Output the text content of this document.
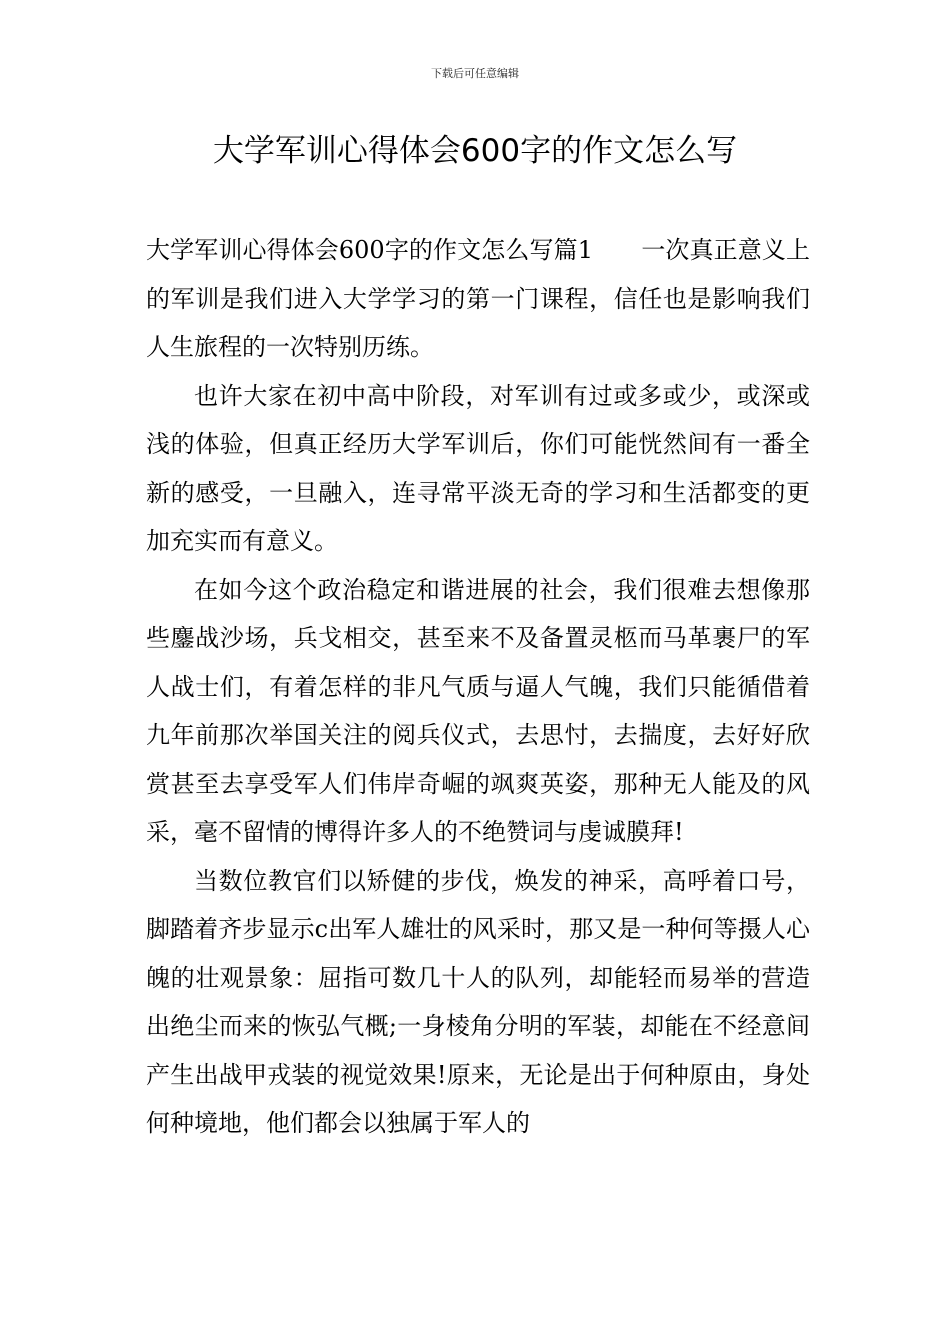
下载后可任意编辑
大学军训心得体会600字的作文怎么写

大学军训心得体会600字的作文怎么写篇1　　一次真正意义上的军训是我们进入大学学习的第一门课程，信任也是影响我们人生旅程的一次特别历练。

也许大家在初中高中阶段，对军训有过或多或少，或深或浅的体验，但真正经历大学军训后，你们可能恍然间有一番全新的感受，一旦融入，连寻常平淡无奇的学习和生活都变的更加充实而有意义。

在如今这个政治稳定和谐进展的社会，我们很难去想像那些鏖战沙场，兵戈相交，甚至来不及备置灵柩而马革裹尸的军人战士们，有着怎样的非凡气质与逼人气魄，我们只能循借着九年前那次举国关注的阅兵仪式，去思忖，去揣度，去好好欣赏甚至去享受军人们伟岸奇崛的飒爽英姿，那种无人能及的风采，毫不留情的博得许多人的不绝赞词与虔诚膜拜!

当数位教官们以矫健的步伐，焕发的神采，高呼着口号，脚踏着齐步显示c出军人雄壮的风采时，那又是一种何等摄人心魄的壮观景象：屈指可数几十人的队列，却能轻而易举的营造出绝尘而来的恢弘气概;一身棱角分明的军装，却能在不经意间产生出战甲戎装的视觉效果!原来，无论是出于何种原由，身处何种境地，他们都会以独属于军人的
